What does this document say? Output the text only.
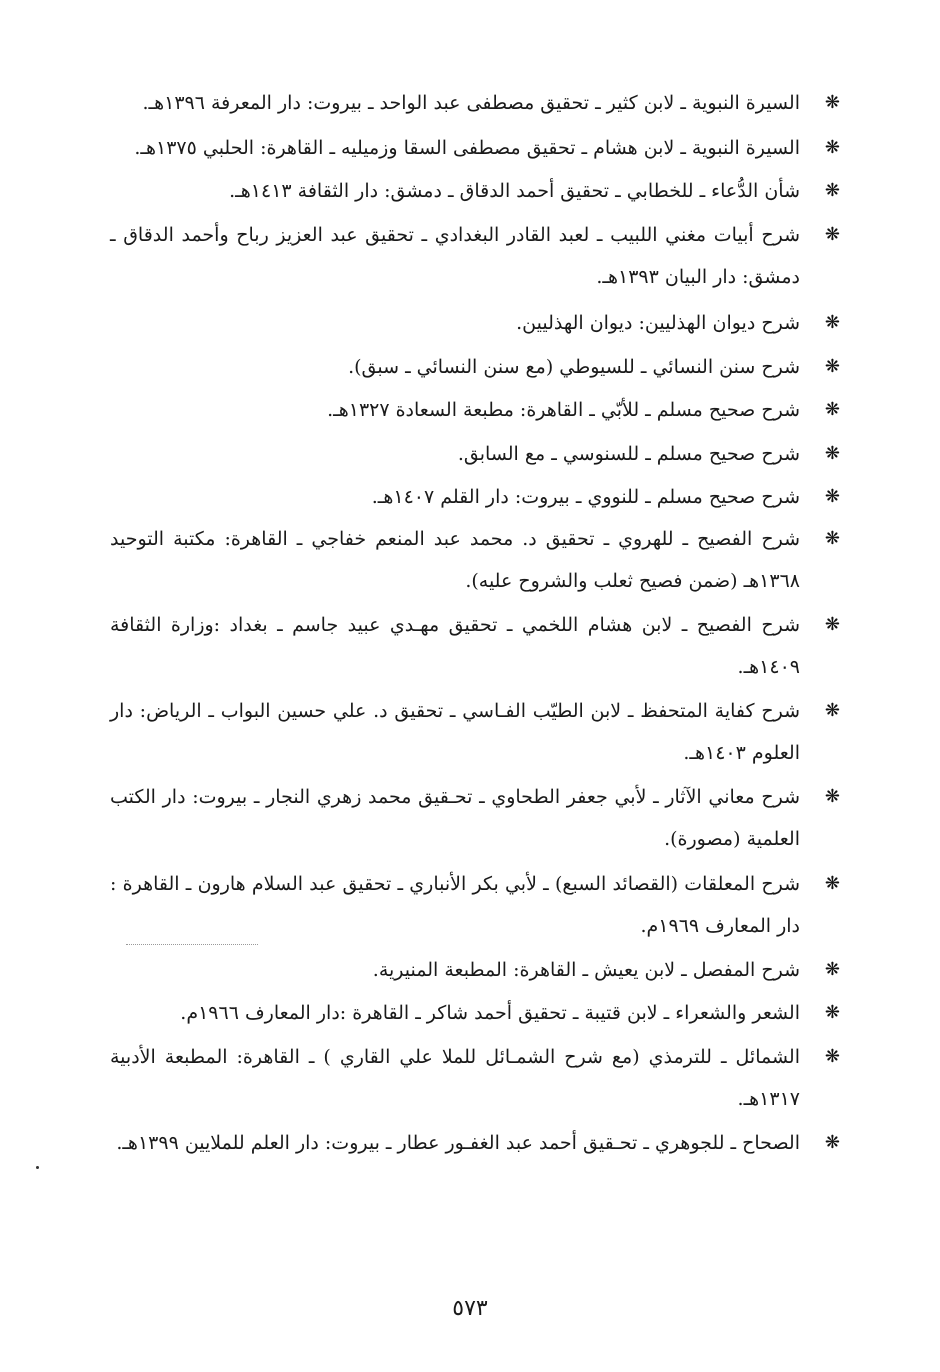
❋
السيرة النبوية ـ لابن كثير ـ تحقيق مصطفى عبد الواحد ـ بيروت: دار المعرفة ١٣٩٦هـ.
❋
السيرة النبوية ـ لابن هشام ـ تحقيق مصطفى السقا وزميليه ـ القاهرة: الحلبي ١٣٧٥هـ.
❋
شأن الدُّعاء ـ للخطابي ـ تحقيق أحمد الدقاق ـ دمشق: دار الثقافة ١٤١٣هـ.
❋
شرح أبيات مغني اللبيب ـ لعبد القادر البغدادي ـ تحقيق عبد العزيز رباح وأحمد الدقاق ـ دمشق: دار البيان ١٣٩٣هـ.
❋
شرح ديوان الهذليين: ديوان الهذليين.
❋
شرح سنن النسائي ـ للسيوطي (مع سنن النسائي ـ سبق).
❋
شرح صحيح مسلم ـ للأبّي ـ القاهرة: مطبعة السعادة ١٣٢٧هـ.
❋
شرح صحيح مسلم ـ للسنوسي ـ مع السابق.
❋
شرح صحيح مسلم ـ للنووي ـ بيروت: دار القلم ١٤٠٧هـ.
❋
شرح الفصيح ـ للهروي ـ تحقيق د. محمد عبد المنعم خفاجي ـ القاهرة: مكتبة التوحيد ١٣٦٨هـ (ضمن فصيح ثعلب والشروح عليه).
❋
شرح الفصيح ـ لابن هشام اللخمي ـ تحقيق مهـدي عبيد جاسم ـ بغداد :وزارة الثقافة ١٤٠٩هـ.
❋
شرح كفاية المتحفظ ـ لابن الطيّب الفـاسي ـ تحقيق د. علي حسين البواب ـ الرياض: دار العلوم ١٤٠٣هـ.
❋
شرح معاني الآثار ـ لأبي جعفر الطحاوي ـ تحـقيق محمد زهري النجار ـ بيروت: دار الكتب العلمية (مصورة).
❋
شرح المعلقات (القصائد السبع) ـ لأبي بكر الأنباري ـ تحقيق عبد السلام هارون ـ القاهرة : دار المعارف ١٩٦٩م.
❋
شرح المفصل ـ لابن يعيش ـ القاهرة: المطبعة المنيرية.
❋
الشعر والشعراء ـ لابن قتيبة ـ تحقيق أحمد شاكر ـ القاهرة :دار المعارف ١٩٦٦م.
❋
الشمائل ـ للترمذي (مع شرح الشمـائل للملا علي القاري ) ـ القاهرة: المطبعة الأدبية ١٣١٧هـ.
❋
الصحاح ـ للجوهري ـ تحـقيق أحمد عبد الغفـور عطار ـ بيروت: دار العلم للملايين ١٣٩٩هـ.
٥٧٣
